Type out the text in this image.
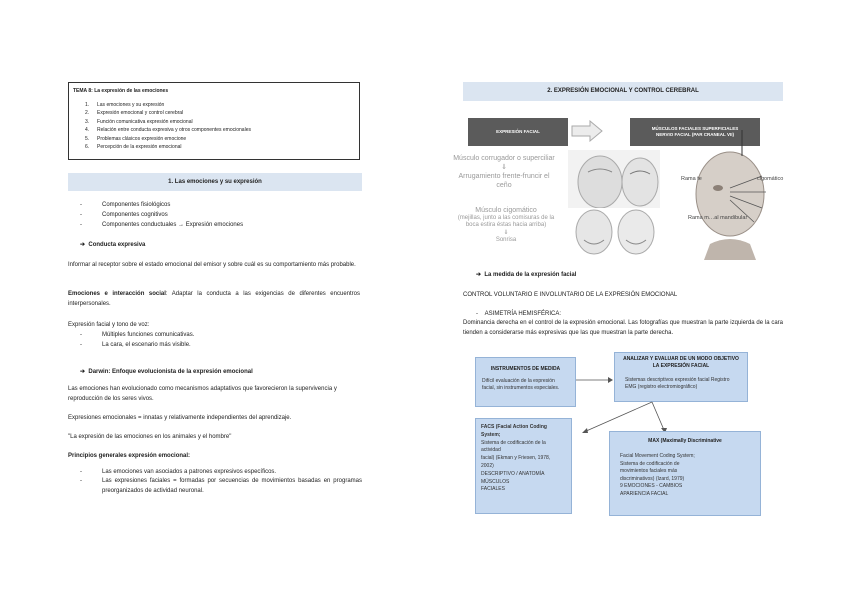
TEMA 8: La expresión de las emociones
1. Las emociones y su expresión
2. Expresión emocional y control cerebral
3. Función comunicativa expresión emocional
4. Relación entre conducta expresiva y otros componentes emocionales
5. Problemas clásicos expresión emocione
6. Percepción de la expresión emocional
1. Las emociones y su expresión
- Componentes fisiológicos
- Componentes cognitivos
- Componentes conductuales → Expresión emociones
➔ Conducta expresiva
Informar al receptor sobre el estado emocional del emisor y sobre cuál es su comportamiento más probable.
Emociones e interacción social: Adaptar la conducta a las exigencias de diferentes encuentros interpersonales.
Expresión facial y tono de voz:
- Múltiples funciones comunicativas.
- La cara, el escenario más visible.
➔ Darwin: Enfoque evolucionista de la expresión emocional
Las emociones han evolucionado como mecanismos adaptativos que favorecieron la supervivencia y reproducción de los seres vivos.
Expresiones emocionales = innatas y relativamente independientes del aprendizaje.
"La expresión de las emociones en los animales y el hombre"
Principios generales expresión emocional:
- Las emociones van asociados a patrones expresivos específicos.
- Las expresiones faciales = formadas por secuencias de movimientos basadas en programas preorganizados de actividad neuronal.
2. EXPRESIÓN EMOCIONAL Y CONTROL CEREBRAL
EXPRESIÓN FACIAL
MÚSCULOS FACIALES SUPERFICIALES
NERVIO FACIAL (PAR CRANEAL VII)
Músculo corrugador o superciliar
⇓
Arrugamiento frente-fruncir el
ceño
Músculo cigomático
(mejillas, junto a las comisuras de la
boca estira éstas hacia arriba)
⇓
Sonrisa
Rama te	cigomático
Rama m…al mandibular
➔ La medida de la expresión facial
CONTROL VOLUNTARIO E INVOLUNTARIO DE LA EXPRESIÓN EMOCIONAL
-    ASIMETRÍA HEMISFÉRICA:
Dominancia derecha en el control de la expresión emocional. Las fotografías que muestran la parte izquierda de la cara tienden a considerarse más expresivas que las que muestran la parte derecha.
INSTRUMENTOS DE MEDIDA
Difícil evaluación de la expresión facial, sin instrumentos especiales.
ANALIZAR Y EVALUAR DE UN MODO OBJETIVO LA EXPRESIÓN FACIAL
Sistemas descriptivos expresión facial Registro EMG (registro electromiográfico)
FACS (Facial Action Coding System;
Sistema de codificación de la
actividad
facial) (Ekman y Friesen, 1978,
2002)
DESCRIPTIVO / ANATOMÍA
MÚSCULOS
FACIALES
MAX (Maximally Discriminative
Facial Movement Coding System;
Sistema de codificación de
movimientos faciales más
discriminativos) (Izard, 1979)
9 EMOCIONES - CAMBIOS
APARIENCIA FACIAL
